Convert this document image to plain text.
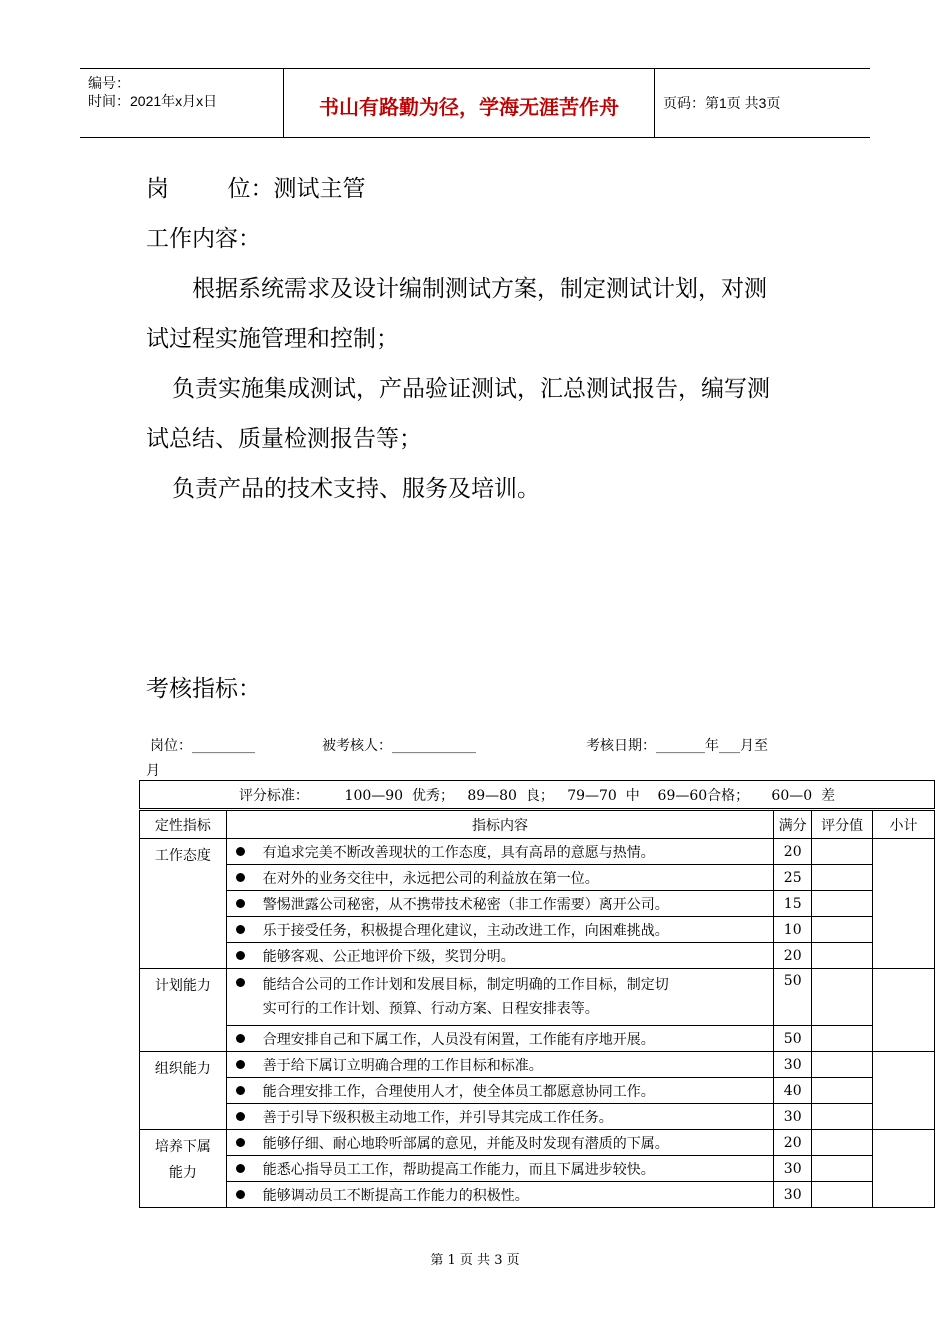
编号：
时间：2021年x月x日	书山有路勤为径，学海无涯苦作舟	页码：第1页 共3页
岗        位：测试主管
工作内容：
根据系统需求及设计编制测试方案，制定测试计划，对测
试过程实施管理和控制；
负责实施集成测试，产品验证测试，汇总测试报告，编写测
试总结、质量检测报告等；
负责产品的技术支持、服务及培训。
考核指标：
岗位：_________	被考核人：____________	考核日期：_______年___月至
月
评分标准：        100—90  优秀；   89—80  良；   79—70  中    69—60合格；     60—0  差					
定性指标	指标内容		满分	评分值	小计
工作态度		有追求完美不断改善现状的工作态度，具有高昂的意愿与热情。	20		
		在对外的业务交往中，永远把公司的利益放在第一位。	25		
		警惕泄露公司秘密，从不携带技术秘密（非工作需要）离开公司。	15		
		乐于接受任务，积极提合理化建议，主动改进工作，向困难挑战。	10		
		能够客观、公正地评价下级，奖罚分明。	20		
计划能力		能结合公司的工作计划和发展目标，制定明确的工作目标，制定切
实可行的工作计划、预算、行动方案、日程安排表等。	50		
		合理安排自己和下属工作，人员没有闲置，工作能有序地开展。	50		
组织能力		善于给下属订立明确合理的工作目标和标准。	30		
		能合理安排工作，合理使用人才，使全体员工都愿意协同工作。	40		
		善于引导下级积极主动地工作，并引导其完成工作任务。	30		

培养下属
能力		能够仔细、耐心地聆听部属的意见，并能及时发现有潜质的下属。	20		
		能悉心指导员工工作，帮助提高工作能力，而且下属进步较快。	30		
		能够调动员工不断提高工作能力的积极性。	30		
第 1 页 共 3 页
